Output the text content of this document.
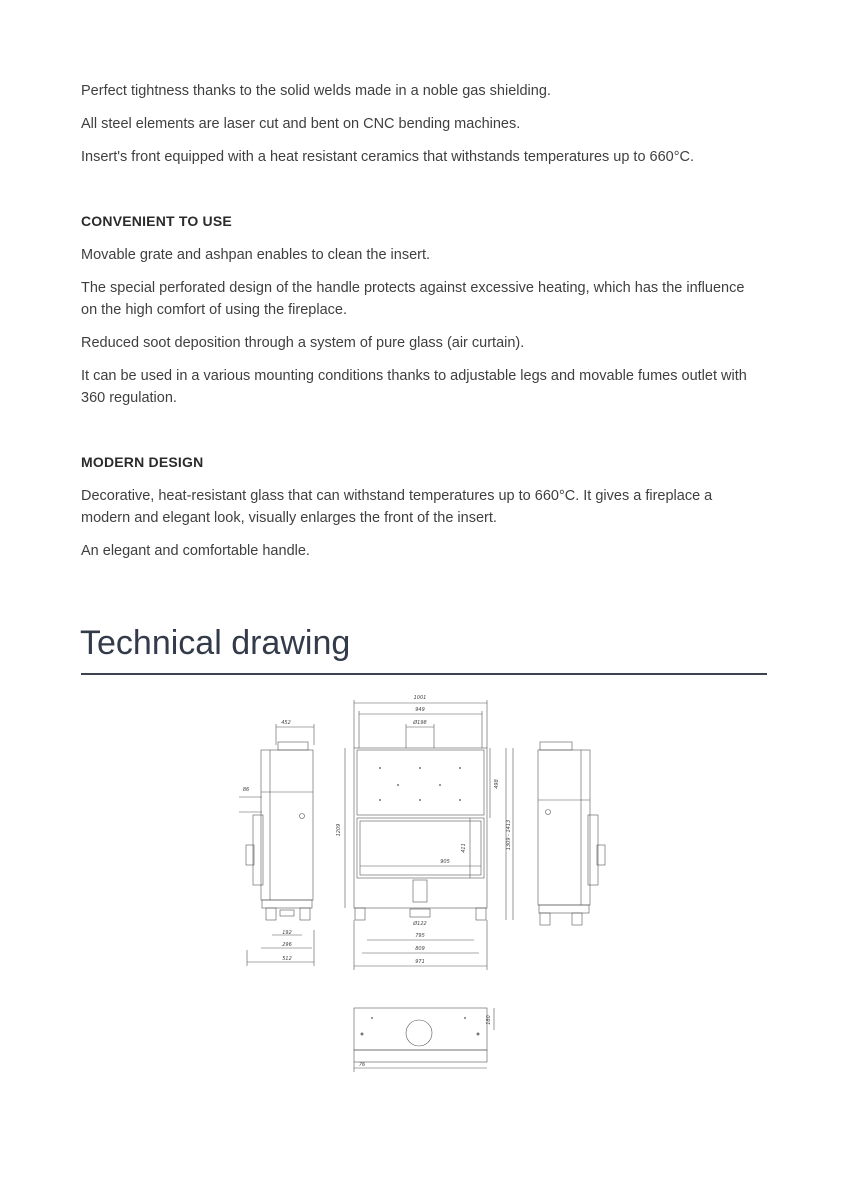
Perfect tightness thanks to the solid welds made in a noble gas shielding.

All steel elements are laser cut and bent on CNC bending machines.

Insert's front equipped with a heat resistant ceramics that withstands temperatures up to 660°C.

CONVENIENT TO USE

Movable grate and ashpan enables to clean the insert.

The special perforated design of the handle protects against excessive heating, which has the influence on the high comfort of using the fireplace.

Reduced soot deposition through a system of pure glass (air curtain).

It can be used in a various mounting conditions thanks to adjustable legs and movable fumes outlet with 360 regulation.

MODERN DESIGN

Decorative, heat-resistant glass that can withstand temperatures up to 660°C. It gives a fireplace a modern and elegant look, visually enlarges the front of the insert.

An elegant and comfortable handle.

Technical drawing
1001
949
Ø198
452
86
1209
498
411	1309 - 1413
905
Ø122
192
296
512
795
809
971
180
76
